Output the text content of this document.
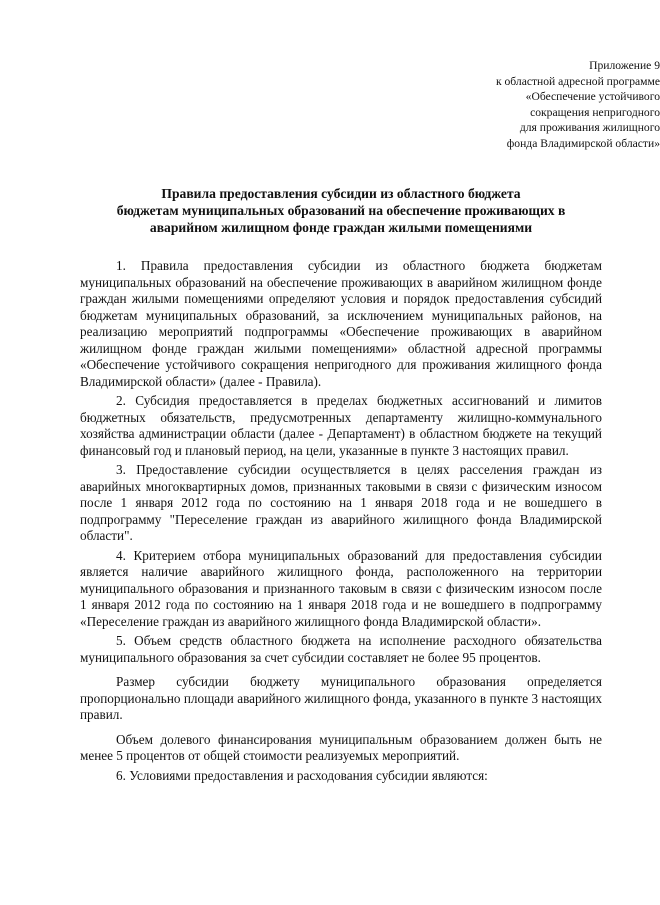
Приложение 9
к областной адресной программе
«Обеспечение устойчивого
сокращения непригодного
для проживания жилищного
фонда Владимирской области»
Правила предоставления субсидии из областного бюджета
бюджетам муниципальных образований на обеспечение проживающих в
аварийном жилищном фонде граждан жилыми помещениями

1. Правила предоставления субсидии из областного бюджета бюджетам муниципальных образований на обеспечение проживающих в аварийном жилищном фонде граждан жилыми помещениями определяют условия и порядок предоставления субсидий бюджетам муниципальных образований, за исключением муниципальных районов, на реализацию мероприятий подпрограммы «Обеспечение проживающих в аварийном жилищном фонде граждан жилыми помещениями» областной адресной программы «Обеспечение устойчивого сокращения непригодного для проживания жилищного фонда Владимирской области» (далее - Правила).

2. Субсидия предоставляется в пределах бюджетных ассигнований и лимитов бюджетных обязательств, предусмотренных департаменту жилищно-коммунального хозяйства администрации области (далее - Департамент) в областном бюджете на текущий финансовый год и плановый период, на цели, указанные в пункте 3 настоящих правил.

3. Предоставление субсидии осуществляется в целях расселения граждан из аварийных многоквартирных домов, признанных таковыми в связи с физическим износом после 1 января 2012 года по состоянию на 1 января 2018 года и не вошедшего в подпрограмму "Переселение граждан из аварийного жилищного фонда Владимирской области".

4. Критерием отбора муниципальных образований для предоставления субсидии является наличие аварийного жилищного фонда, расположенного на территории муниципального образования и признанного таковым в связи с физическим износом после 1 января 2012 года по состоянию на 1 января 2018 года и не вошедшего в подпрограмму «Переселение граждан из аварийного жилищного фонда Владимирской области».

5. Объем средств областного бюджета на исполнение расходного обязательства муниципального образования за счет субсидии составляет не более 95 процентов.

Размер субсидии бюджету муниципального образования определяется пропорционально площади аварийного жилищного фонда, указанного в пункте 3 настоящих правил.

Объем долевого финансирования муниципальным образованием должен быть не менее 5 процентов от общей стоимости реализуемых мероприятий.

6. Условиями предоставления и расходования субсидии являются:
